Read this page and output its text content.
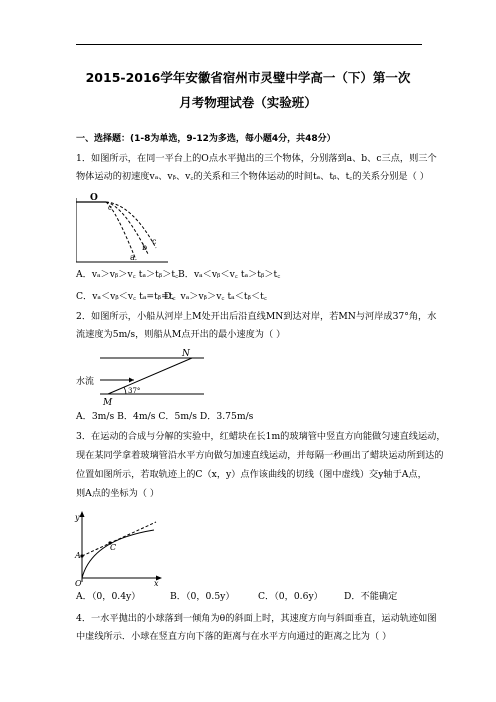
2015-2016学年安徽省宿州市灵璧中学高一（下）第一次
月考物理试卷（实验班）
一、选择题：(1-8为单选，9-12为多选，每小题4分，共48分）
1．如图所示，在同一平台上的O点水平抛出的三个物体，分别落到a、b、c三点，则三个
物体运动的初速度vₐ、vᵦ、v꜀的关系和三个物体运动的时间tₐ、tᵦ、t꜀的关系分别是（ ）
O
c
c
b
a
A．vₐ＞vᵦ＞v꜀ tₐ＞tᵦ＞t꜀ B．vₐ＜vᵦ＜v꜀ tₐ＞tᵦ＞t꜀
C．vₐ＜vᵦ＜v꜀ tₐ=tᵦ=t꜀
D．vₐ＞vᵦ＞v꜀ tₐ＜tᵦ＜t꜀
2．如图所示，小船从河岸上M处开出后沿直线MN到达对岸，若MN与河岸成37°角，水
流速度为5m/s，则船从M点开出的最小速度为（ ）
N
M
水流
37°
A．3m/s B．4m/s C．5m/s D．3.75m/s
3．在运动的合成与分解的实验中，红蜡块在长1m的玻璃管中竖直方向能做匀速直线运动，
现在某同学拿着玻璃管沿水平方向做匀加速直线运动，并每隔一秒画出了蜡块运动所到达的
位置如图所示，若取轨迹上的C（x，y）点作该曲线的切线（图中虚线）交y轴于A点，
则A点的坐标为（ ）
y
x
O
A
C
A．（0，0.4y）	B．（0，0.5y）	C．（0，0.6y） D．不能确定
4．一水平抛出的小球落到一倾角为θ的斜面上时，其速度方向与斜面垂直，运动轨迹如图
中虚线所示．小球在竖直方向下落的距离与在水平方向通过的距离之比为（ ）
